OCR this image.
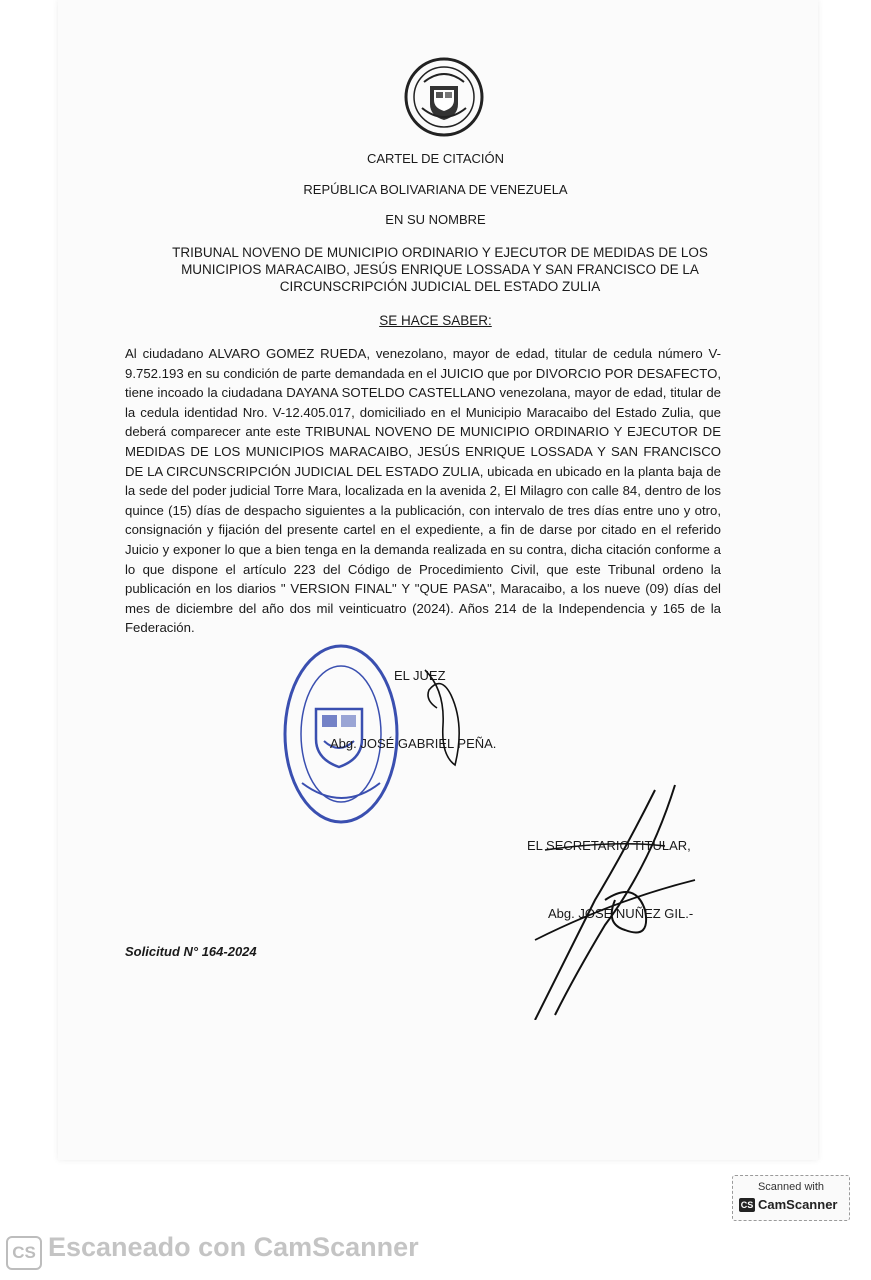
CARTEL DE CITACIÓN
REPÚBLICA BOLIVARIANA DE VENEZUELA
EN SU NOMBRE
TRIBUNAL NOVENO DE MUNICIPIO ORDINARIO Y EJECUTOR DE MEDIDAS DE LOS MUNICIPIOS MARACAIBO, JESÚS ENRIQUE LOSSADA Y SAN FRANCISCO DE LA CIRCUNSCRIPCIÓN JUDICIAL DEL ESTADO ZULIA
SE HACE SABER:

Al ciudadano ALVARO GOMEZ RUEDA, venezolano, mayor de edad, titular de cedula número V-9.752.193 en su condición de parte demandada en el JUICIO que por DIVORCIO POR DESAFECTO, tiene incoado la ciudadana DAYANA SOTELDO CASTELLANO venezolana, mayor de edad, titular de la cedula identidad Nro. V-12.405.017, domiciliado en el Municipio Maracaibo del Estado Zulia, que deberá comparecer ante este TRIBUNAL NOVENO DE MUNICIPIO ORDINARIO Y EJECUTOR DE MEDIDAS DE LOS MUNICIPIOS MARACAIBO, JESÚS ENRIQUE LOSSADA Y SAN FRANCISCO DE LA CIRCUNSCRIPCIÓN JUDICIAL DEL ESTADO ZULIA, ubicada en ubicado en la planta baja de la sede del poder judicial Torre Mara, localizada en la avenida 2, El Milagro con calle 84, dentro de los quince (15) días de despacho siguientes a la publicación, con intervalo de tres días entre uno y otro, consignación y fijación del presente cartel en el expediente, a fin de darse por citado en el referido Juicio y exponer lo que a bien tenga en la demanda realizada en su contra, dicha citación conforme a lo que dispone el artículo 223 del Código de Procedimiento Civil, que este Tribunal ordeno la publicación en los diarios " VERSION FINAL" Y "QUE PASA", Maracaibo, a los nueve (09) días del mes de diciembre del año dos mil veinticuatro (2024). Años 214 de la Independencia y 165 de la Federación.

EL JUEZ
Abg. JOSÉ GABRIEL PEÑA.
EL SECRETARIO TITULAR,
Abg. JOSÉ NUÑEZ GIL.-
Solicitud N° 164-2024
Scanned with
CS CamScanner
CS Escaneado con CamScanner
